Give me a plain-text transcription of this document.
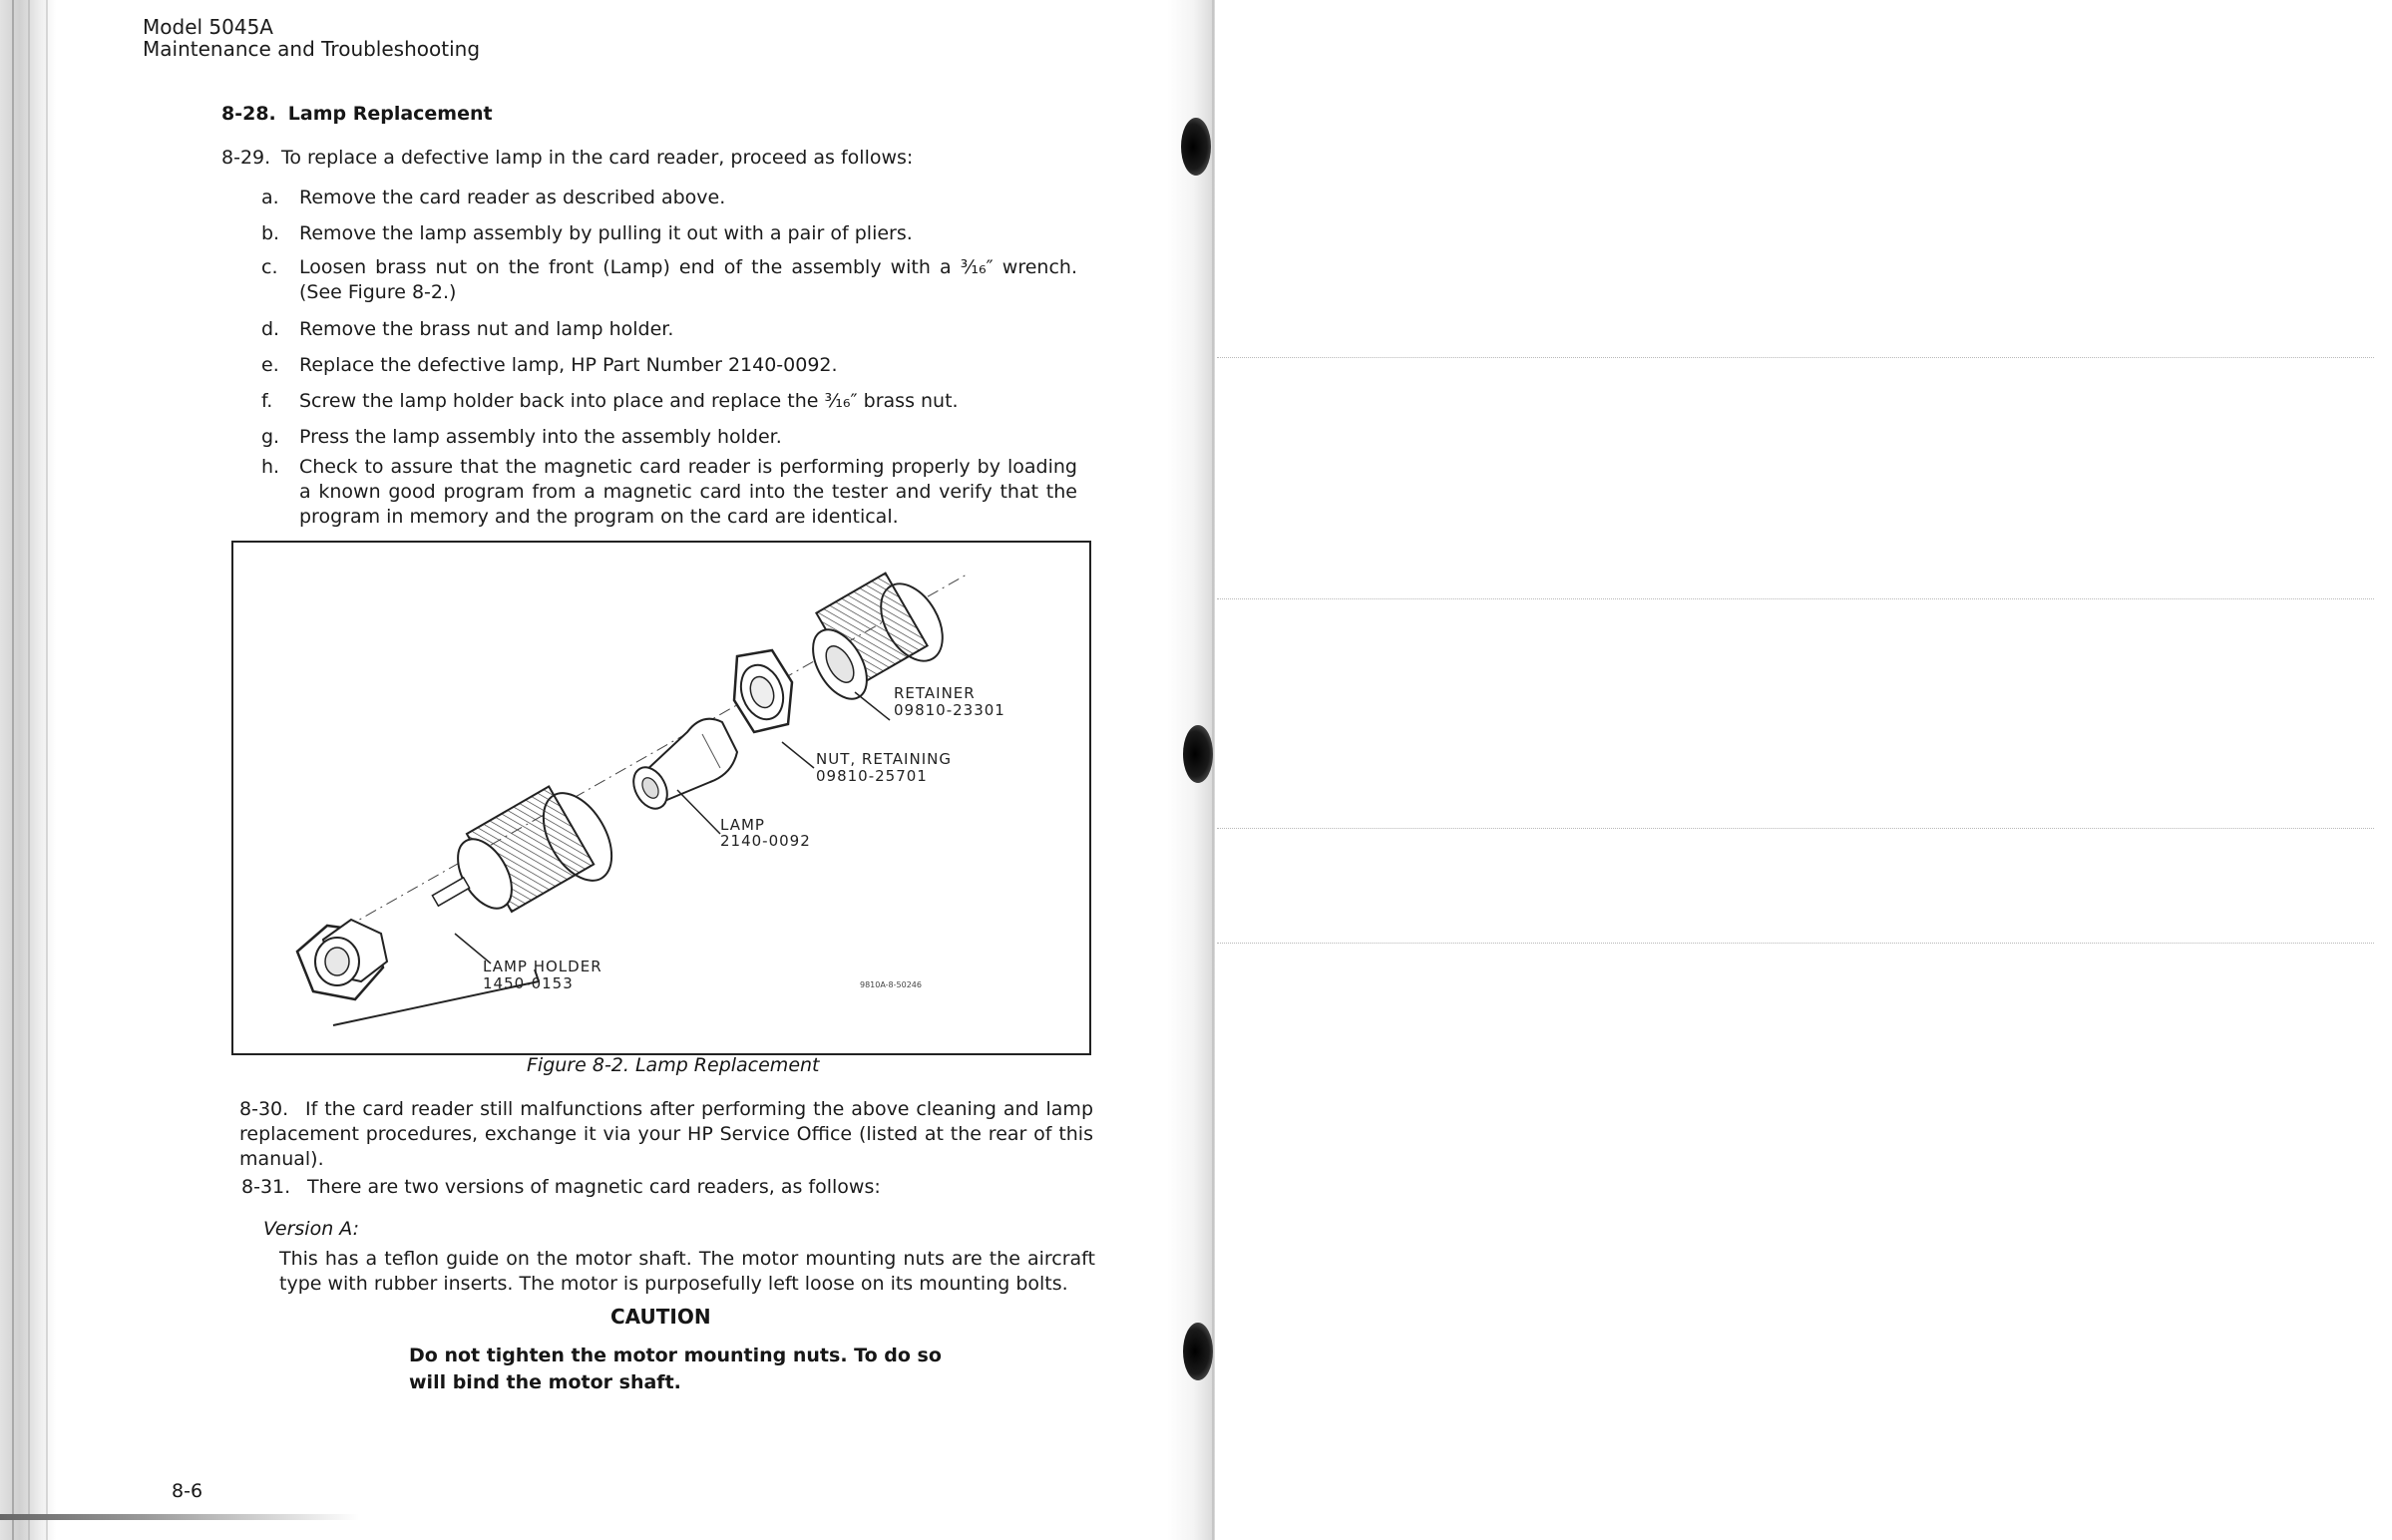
Model 5045A
Maintenance and Troubleshooting
8-28. Lamp Replacement
8-29. To replace a defective lamp in the card reader, proceed as follows:
a.	Remove the card reader as described above.
b.	Remove the lamp assembly by pulling it out with a pair of pliers.
c.	Loosen brass nut on the front (Lamp) end of the assembly with a ³⁄₁₆″ wrench. (See Figure 8-2.)
d.	Remove the brass nut and lamp holder.
e.	Replace the defective lamp, HP Part Number 2140-0092.
f.	Screw the lamp holder back into place and replace the ³⁄₁₆″ brass nut.
g.	Press the lamp assembly into the assembly holder.
h.	Check to assure that the magnetic card reader is performing properly by loading a known good program from a magnetic card into the tester and verify that the program in memory and the program on the card are identical.
RETAINER
09810-23301
NUT, RETAINING
09810-25701
LAMP
2140-0092
LAMP HOLDER
1450-0153	9810A-8-50246
Figure 8-2. Lamp Replacement
8-30. If the card reader still malfunctions after performing the above cleaning and lamp replacement procedures, exchange it via your HP Service Office (listed at the rear of this manual).
8-31. There are two versions of magnetic card readers, as follows:
Version A:
This has a teflon guide on the motor shaft. The motor mounting nuts are the aircraft type with rubber inserts. The motor is purposefully left loose on its mounting bolts.
CAUTION
Do not tighten the motor mounting nuts. To do so will bind the motor shaft.
8-6
